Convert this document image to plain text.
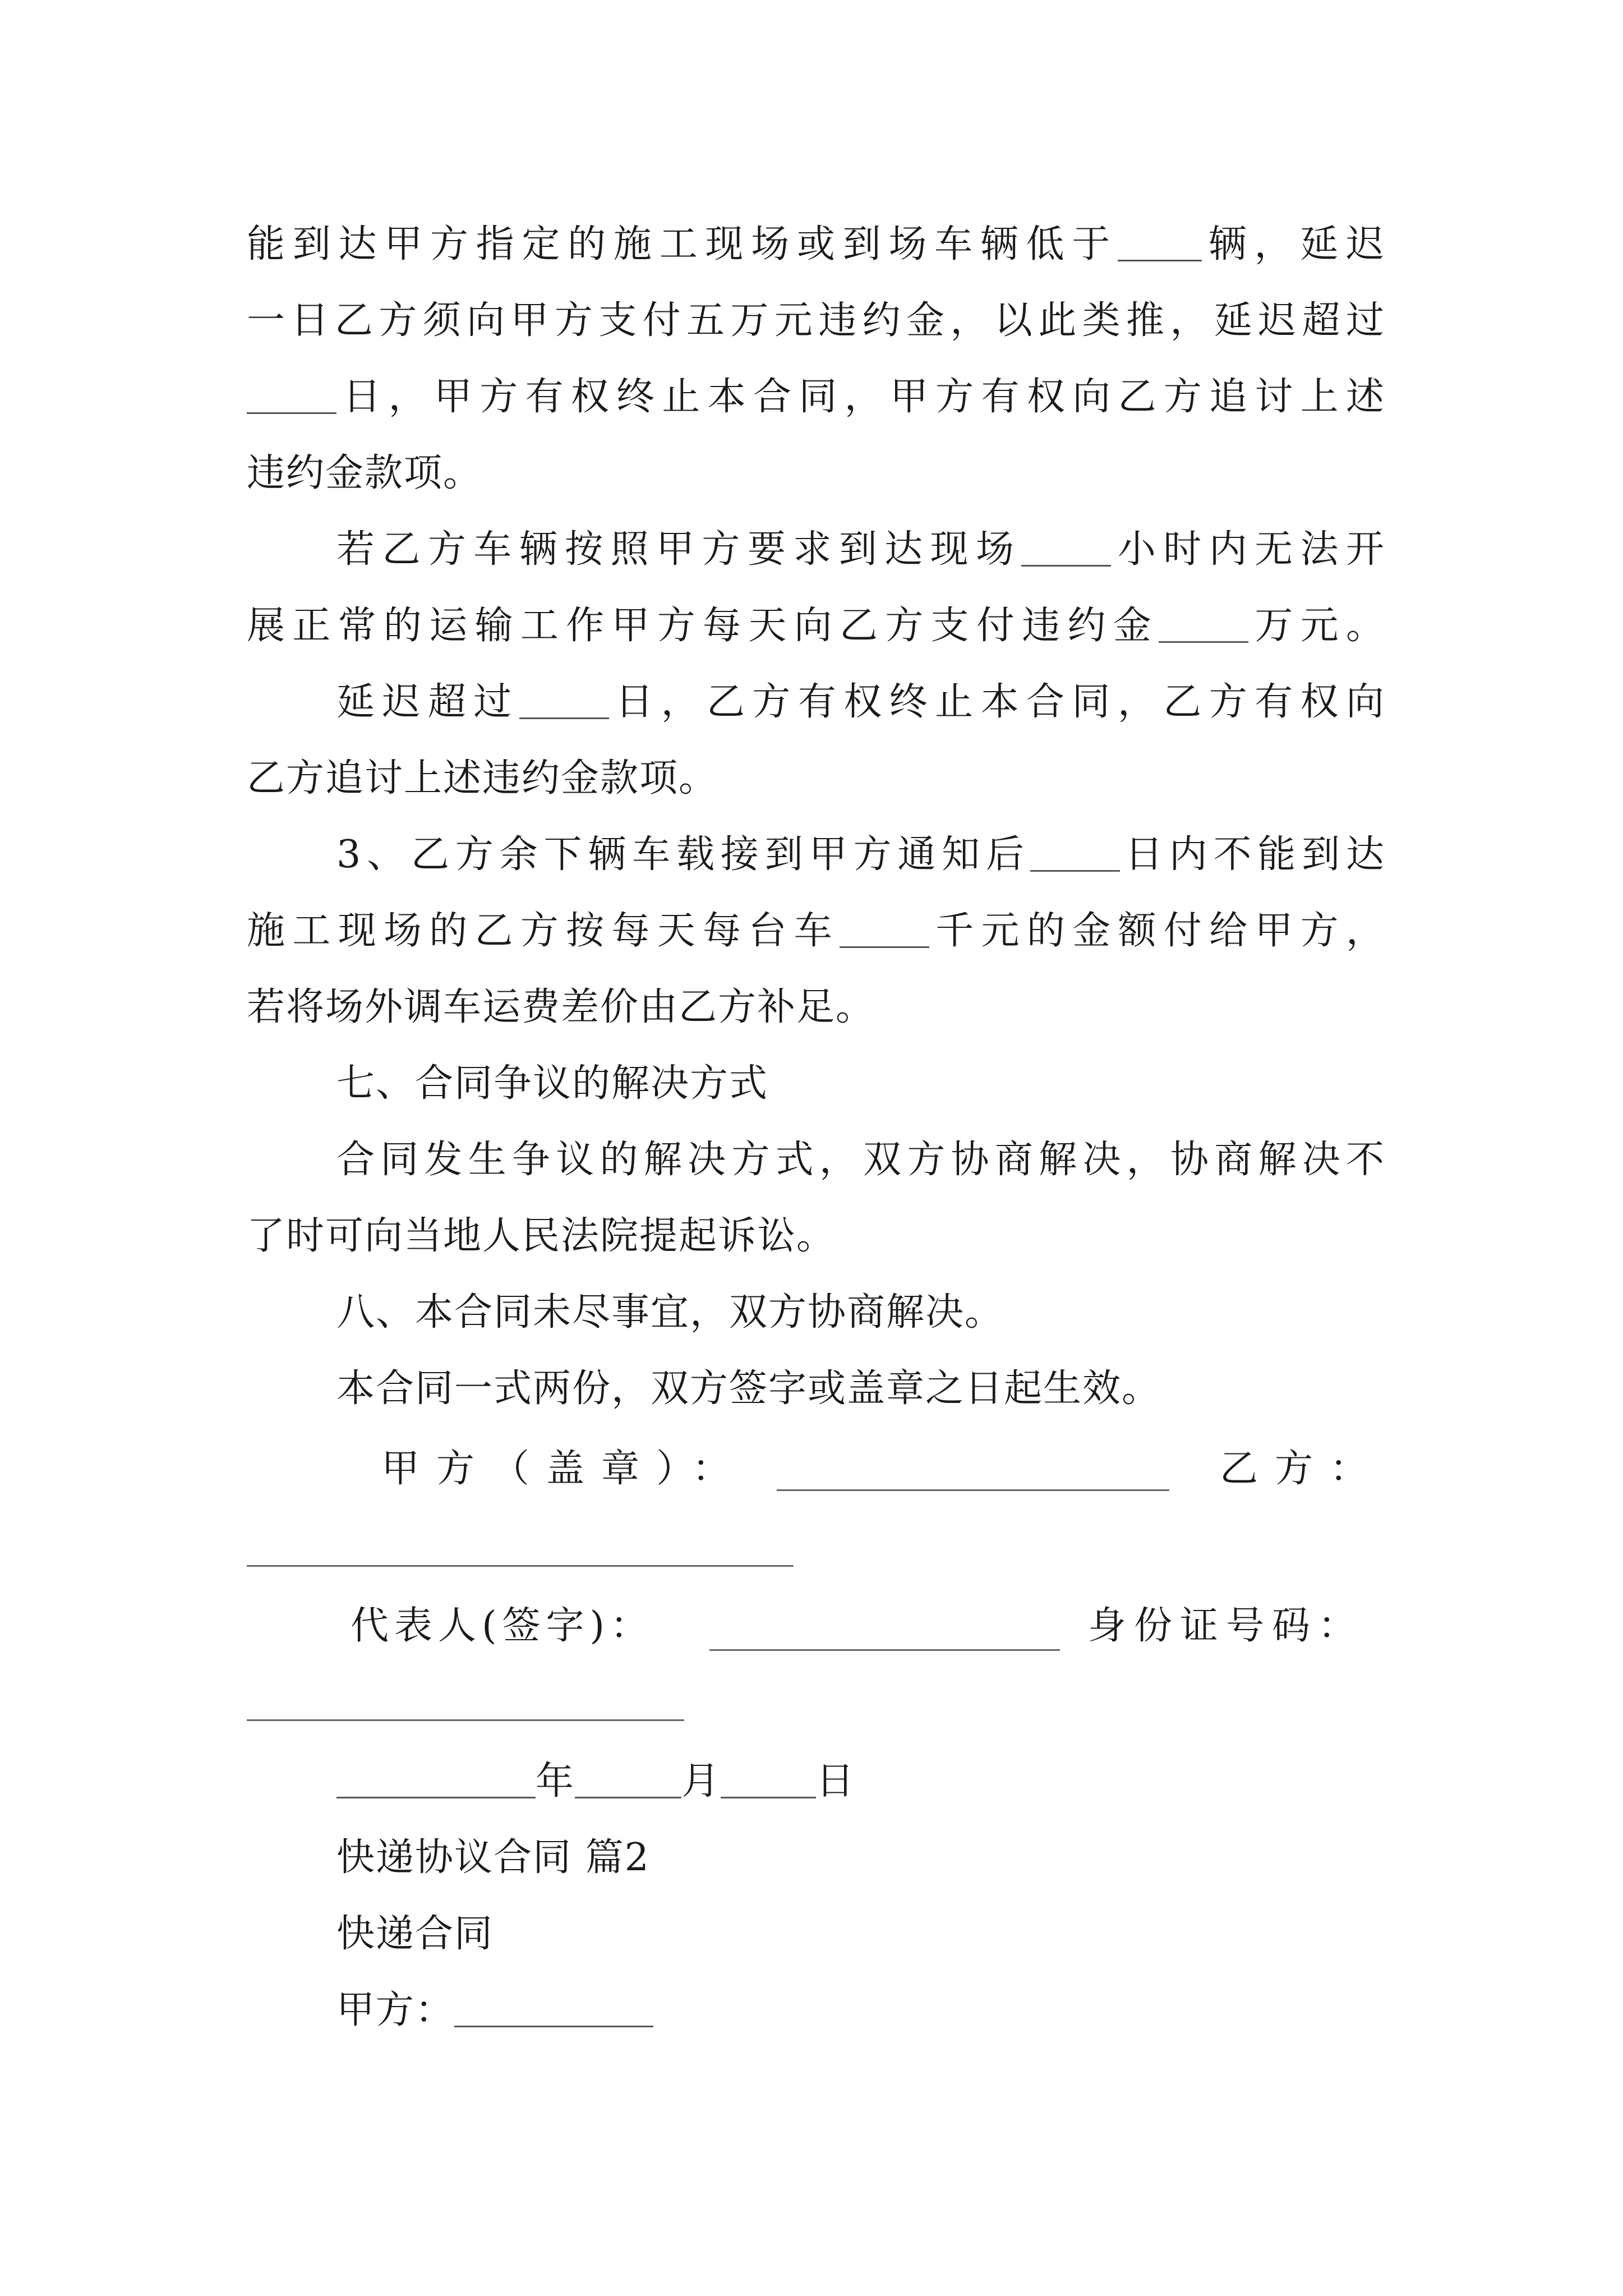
能到达甲方指定的施工现场或到场车辆低于 辆，延迟
一日乙方须向甲方支付五万元违约金，以此类推，延迟超过
日，甲方有权终止本合同，甲方有权向乙方追讨上述
违约金款项。
若乙方车辆按照甲方要求到达现场 小时内无法开
展正常的运输工作甲方每天向乙方支付违约金 万元。
延迟超过 日，乙方有权终止本合同，乙方有权向
乙方追讨上述违约金款项。
3、乙方余下辆车载接到甲方通知后 日内不能到达
施工现场的乙方按每天每台车 千元的金额付给甲方，
若将场外调车运费差价由乙方补足。
七、合同争议的解决方式
合同发生争议的解决方式，双方协商解决，协商解决不
了时可向当地人民法院提起诉讼。
八、本合同未尽事宜，双方协商解决。
本合同一式两份，双方签字或盖章之日起生效。
甲方（盖章）：	乙方：
代表人(签字)：	身份证号码：
年	月	日
快递协议合同 篇2
快递合同
甲方：
